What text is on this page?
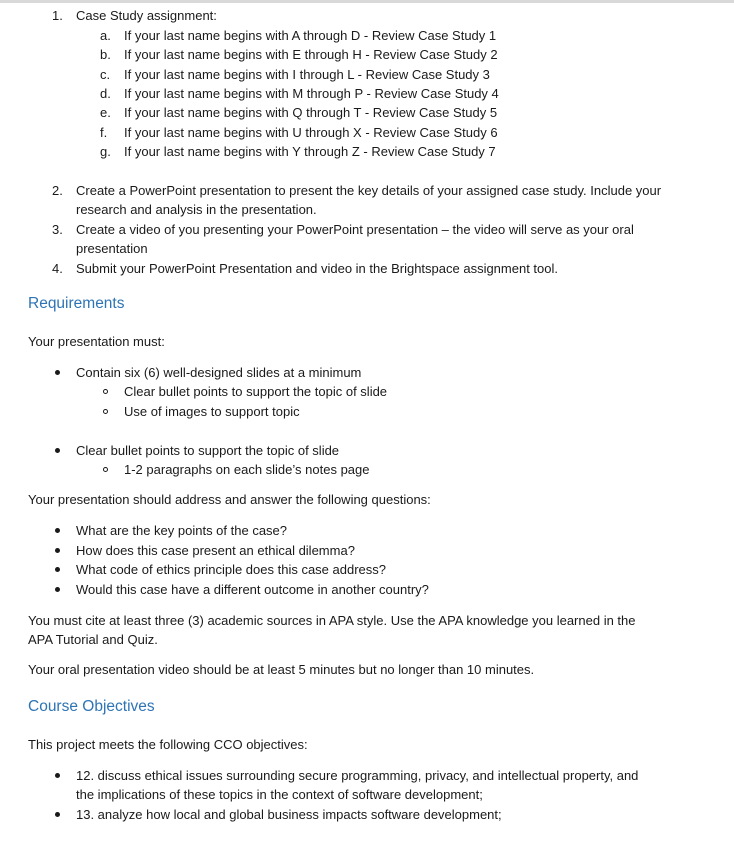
1. Case Study assignment:
a. If your last name begins with A through D - Review Case Study 1
b. If your last name begins with E through H - Review Case Study 2
c. If your last name begins with I through L - Review Case Study 3
d. If your last name begins with M through P - Review Case Study 4
e. If your last name begins with Q through T - Review Case Study 5
f. If your last name begins with U through X - Review Case Study 6
g. If your last name begins with Y through Z - Review Case Study 7
2. Create a PowerPoint presentation to present the key details of your assigned case study. Include your research and analysis in the presentation.
3. Create a video of you presenting your PowerPoint presentation – the video will serve as your oral presentation
4. Submit your PowerPoint Presentation and video in the Brightspace assignment tool.
Requirements
Your presentation must:
Contain six (6) well-designed slides at a minimum
Clear bullet points to support the topic of slide
Use of images to support topic
Clear bullet points to support the topic of slide
1-2 paragraphs on each slide’s notes page
Your presentation should address and answer the following questions:
What are the key points of the case?
How does this case present an ethical dilemma?
What code of ethics principle does this case address?
Would this case have a different outcome in another country?
You must cite at least three (3) academic sources in APA style. Use the APA knowledge you learned in the APA Tutorial and Quiz.
Your oral presentation video should be at least 5 minutes but no longer than 10 minutes.
Course Objectives
This project meets the following CCO objectives:
12. discuss ethical issues surrounding secure programming, privacy, and intellectual property, and the implications of these topics in the context of software development;
13. analyze how local and global business impacts software development;
